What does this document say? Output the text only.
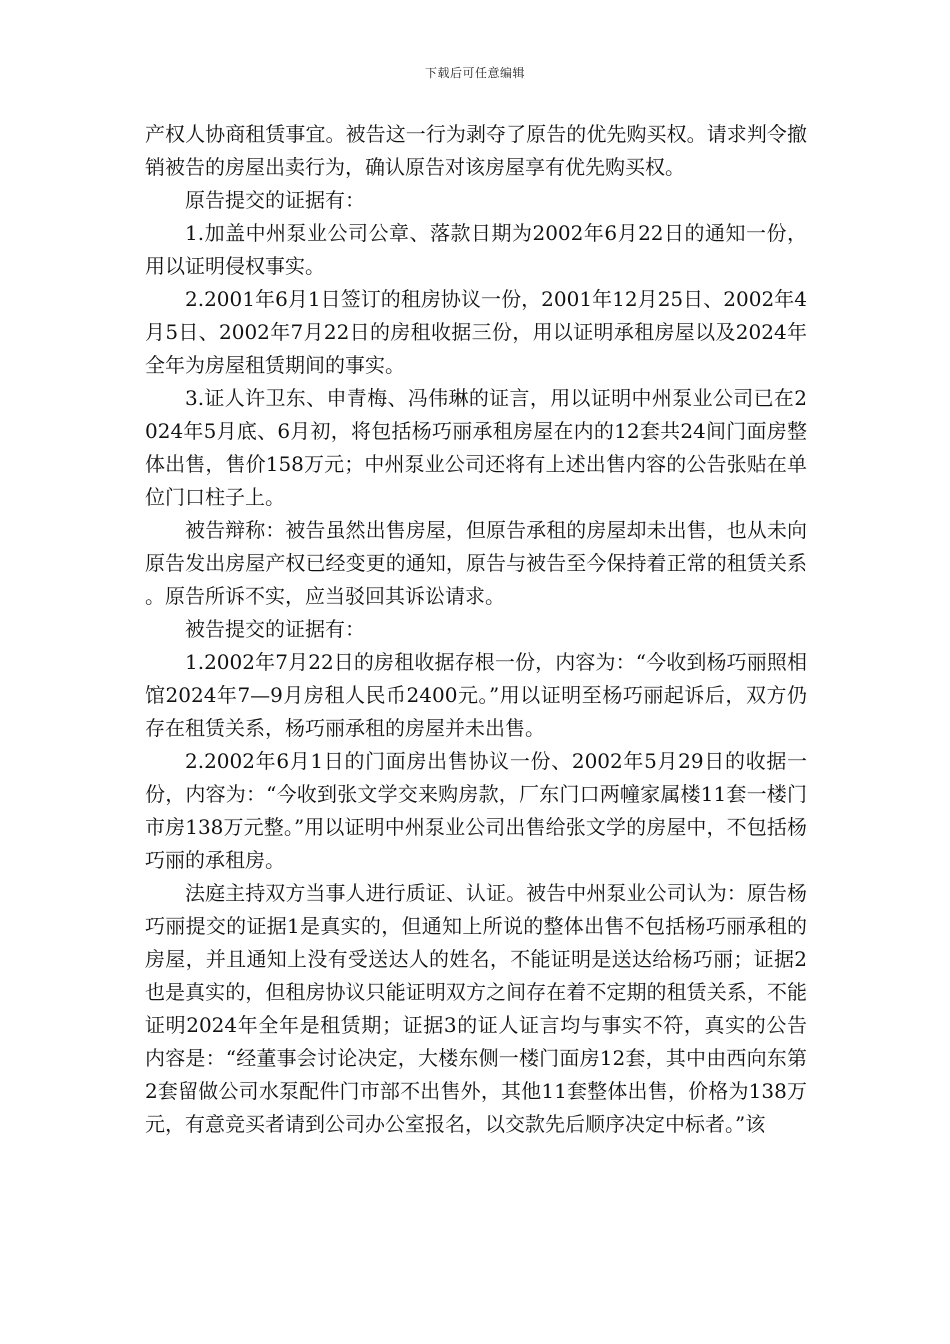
下载后可任意编辑

产权人协商租赁事宜。被告这一行为剥夺了原告的优先购买权。请求判令撤销被告的房屋出卖行为，确认原告对该房屋享有优先购买权。

原告提交的证据有：

1.加盖中州泵业公司公章、落款日期为2002年6月22日的通知一份，用以证明侵权事实。

2.2001年6月1日签订的租房协议一份，2001年12月25日、2002年4月5日、2002年7月22日的房租收据三份，用以证明承租房屋以及2024年全年为房屋租赁期间的事实。

3.证人许卫东、申青梅、冯伟琳的证言，用以证明中州泵业公司已在2024年5月底、6月初，将包括杨巧丽承租房屋在内的12套共24间门面房整体出售，售价158万元；中州泵业公司还将有上述出售内容的公告张贴在单位门口柱子上。

被告辩称：被告虽然出售房屋，但原告承租的房屋却未出售，也从未向原告发出房屋产权已经变更的通知，原告与被告至今保持着正常的租赁关系。原告所诉不实，应当驳回其诉讼请求。

被告提交的证据有：

1.2002年7月22日的房租收据存根一份，内容为：“今收到杨巧丽照相馆2024年7—9月房租人民币2400元。”用以证明至杨巧丽起诉后，双方仍存在租赁关系，杨巧丽承租的房屋并未出售。

2.2002年6月1日的门面房出售协议一份、2002年5月29日的收据一份，内容为：“今收到张文学交来购房款，厂东门口两幢家属楼11套一楼门市房138万元整。”用以证明中州泵业公司出售给张文学的房屋中，不包括杨巧丽的承租房。

法庭主持双方当事人进行质证、认证。被告中州泵业公司认为：原告杨巧丽提交的证据1是真实的，但通知上所说的整体出售不包括杨巧丽承租的房屋，并且通知上没有受送达人的姓名，不能证明是送达给杨巧丽；证据2也是真实的，但租房协议只能证明双方之间存在着不定期的租赁关系，不能证明2024年全年是租赁期；证据3的证人证言均与事实不符，真实的公告内容是：“经董事会讨论决定，大楼东侧一楼门面房12套，其中由西向东第2套留做公司水泵配件门市部不出售外，其他11套整体出售，价格为138万元，有意竞买者请到公司办公室报名，以交款先后顺序决定中标者。”该
